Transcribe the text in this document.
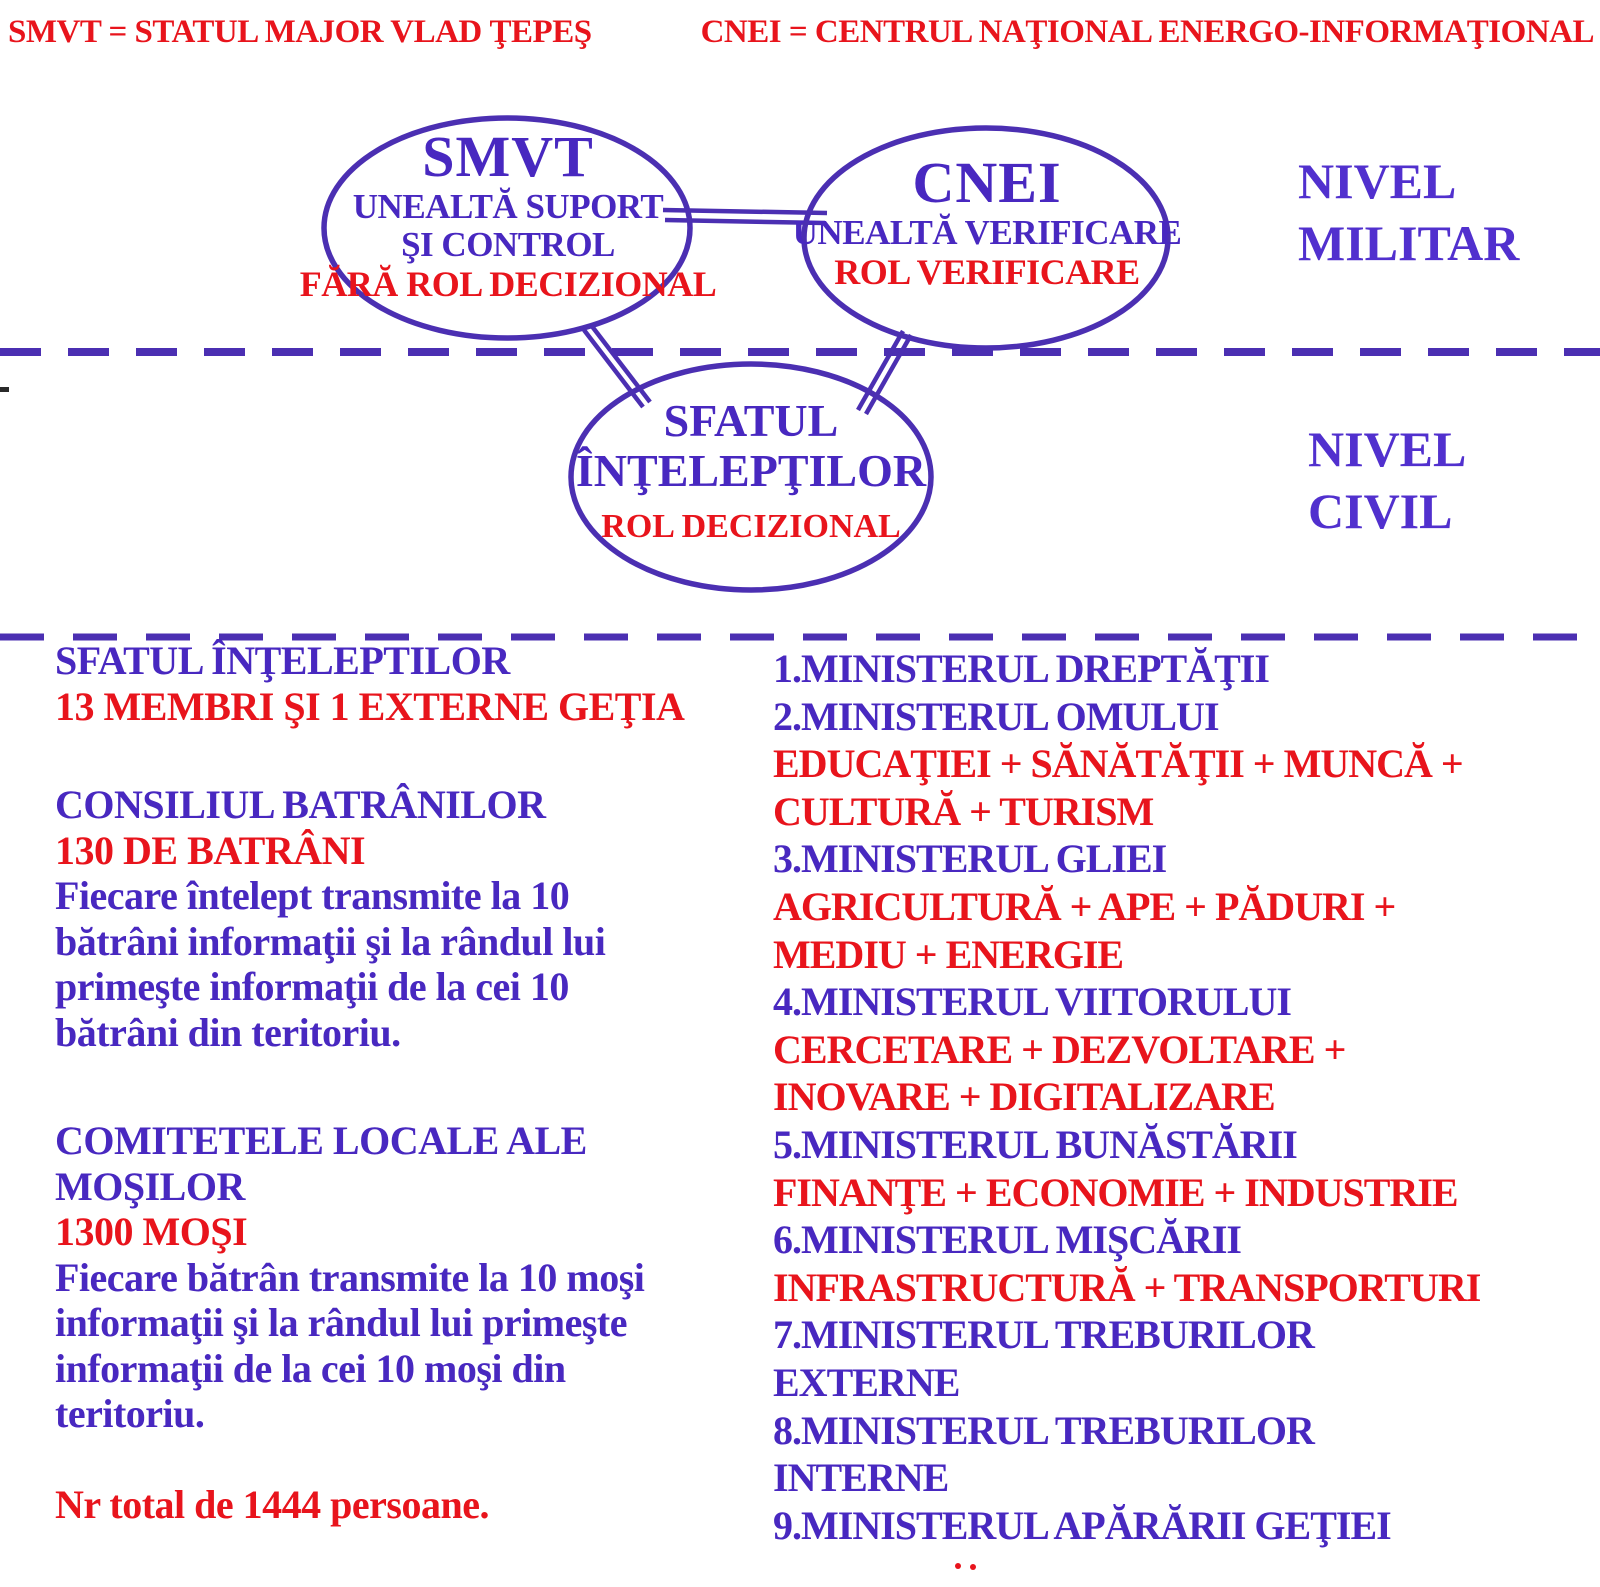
SMVT = STATUL MAJOR VLAD ŢEPEŞ	CNEI = CENTRUL NAŢIONAL ENERGO-INFORMAŢIONAL
SMVT
UNEALTĂ SUPORT
ŞI CONTROL
FĂRĂ ROL DECIZIONAL
CNEI
UNEALTĂ VERIFICARE
ROL VERIFICARE
SFATUL
ÎNŢELEPŢILOR
ROL DECIZIONAL
NIVEL
MILITAR
NIVEL
CIVIL
SFATUL ÎNŢELEPTILOR
13 MEMBRI ŞI 1 EXTERNE GEŢIA
CONSILIUL BATRÂNILOR
130 DE BATRÂNI
Fiecare întelept transmite la 10
bătrâni informaţii şi la rândul lui
primeşte informaţii de la cei 10
bătrâni din teritoriu.
COMITETELE LOCALE ALE
MOŞILOR
1300 MOŞI
Fiecare bătrân transmite la 10 moşi
informaţii şi la rândul lui primeşte
informaţii de la cei 10 moşi din
teritoriu.
Nr total de 1444 persoane.
1.MINISTERUL DREPTĂŢII
2.MINISTERUL OMULUI
EDUCAŢIEI + SĂNĂTĂŢII + MUNCĂ +
CULTURĂ + TURISM
3.MINISTERUL GLIEI
AGRICULTURĂ + APE + PĂDURI +
MEDIU + ENERGIE
4.MINISTERUL VIITORULUI
CERCETARE + DEZVOLTARE +
INOVARE + DIGITALIZARE
5.MINISTERUL BUNĂSTĂRII
FINANŢE + ECONOMIE + INDUSTRIE
6.MINISTERUL MIŞCĂRII
INFRASTRUCTURĂ + TRANSPORTURI
7.MINISTERUL TREBURILOR
EXTERNE
8.MINISTERUL TREBURILOR
INTERNE
9.MINISTERUL APĂRĂRII GEŢIEI
